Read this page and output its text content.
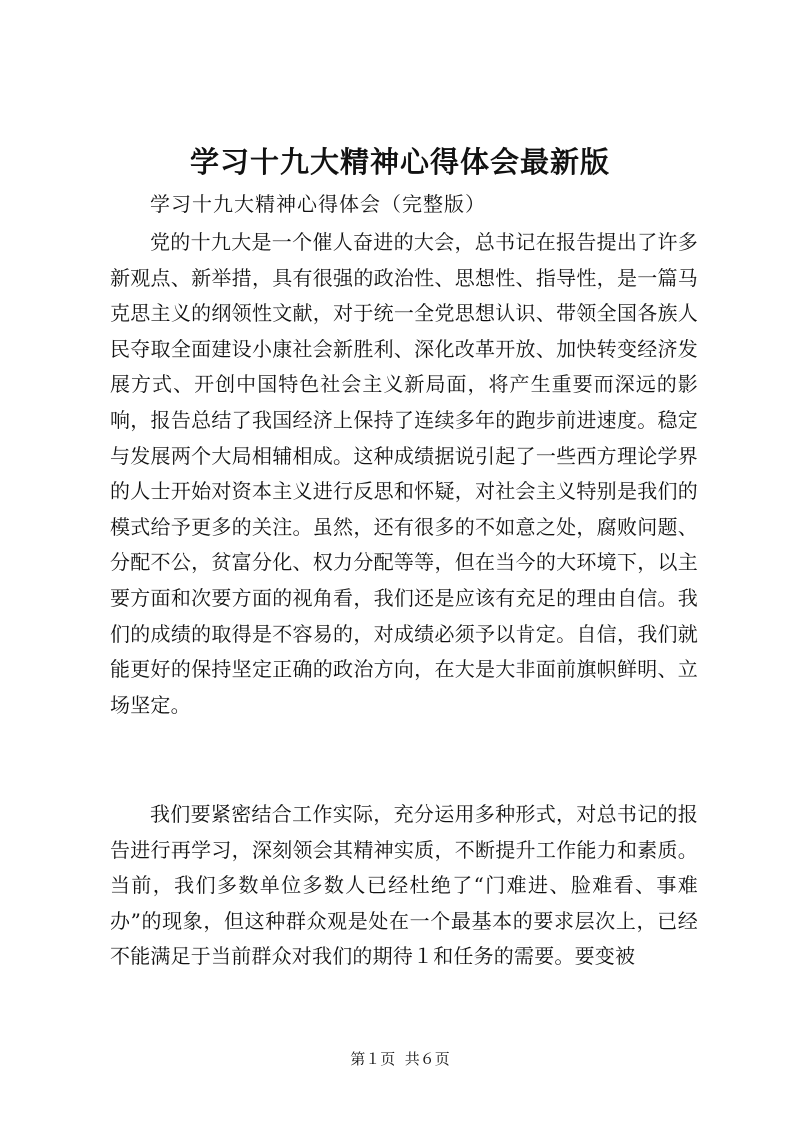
学习十九大精神心得体会最新版

学习十九大精神心得体会（完整版）

党的十九大是一个催人奋进的大会，总书记在报告提出了许多新观点、新举措，具有很强的政治性、思想性、指导性，是一篇马克思主义的纲领性文献，对于统一全党思想认识、带领全国各族人民夺取全面建设小康社会新胜利、深化改革开放、加快转变经济发展方式、开创中国特色社会主义新局面，将产生重要而深远的影响，报告总结了我国经济上保持了连续多年的跑步前进速度。稳定与发展两个大局相辅相成。这种成绩据说引起了一些西方理论学界的人士开始对资本主义进行反思和怀疑，对社会主义特别是我们的模式给予更多的关注。虽然，还有很多的不如意之处，腐败问题、分配不公，贫富分化、权力分配等等，但在当今的大环境下，以主要方面和次要方面的视角看，我们还是应该有充足的理由自信。我们的成绩的取得是不容易的，对成绩必须予以肯定。自信，我们就能更好的保持坚定正确的政治方向，在大是大非面前旗帜鲜明、立场坚定。

我们要紧密结合工作实际，充分运用多种形式，对总书记的报告进行再学习，深刻领会其精神实质，不断提升工作能力和素质。当前，我们多数单位多数人已经杜绝了“门难进、脸难看、事难办”的现象，但这种群众观是处在一个最基本的要求层次上，已经不能满足于当前群众对我们的期待１和任务的需要。要变被

第１页  共６页
